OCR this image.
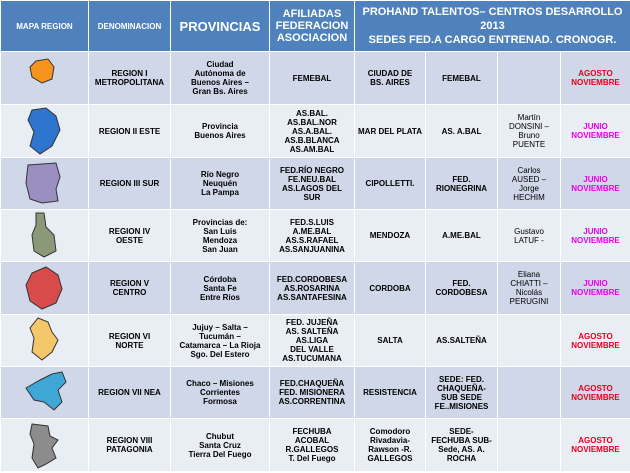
MAPA REGION	DENOMINACION	PROVINCIAS	AFILIADAS
FEDERACION
ASOCIACION	PROHAND TALENTOS– CENTROS DESARROLLO 2013
SEDES FED.A CARGO ENTRENAD. CRONOGR.			

	REGION I
METROPOLITANA	Ciudad
Autónoma de
Buenos Aires –
Gran Bs. Aires	FEMEBAL	CIUDAD DE
BS. AIRES	FEMEBAL		AGOSTO
NOVIEMBRE

	REGION II ESTE	Provincia
Buenos Aires	AS.BAL.
AS.BAL.NOR
AS.A.BAL.
AS.B.BLANCA
AS.AM.BAL	MAR DEL PLATA	AS. A.BAL	Martín
DONSINI –
Bruno
PUENTE	JUNIO
NOVIEMBRE

	REGION III SUR	Río Negro
Neuquén
La Pampa	FED.RÍO NEGRO
FE.NEU.BAL
AS.LAGOS DEL
SUR	CIPOLLETTI.	FED.
RIONEGRINA	Carlos
AUSED –
Jorge
HECHIM	JUNIO
NOVIEMBRE

	REGION IV
OESTE	Provincias de:
San Luis
Mendoza
San Juan	FED.S.LUIS
A.ME.BAL
AS.S.RAFAEL
AS.SANJUANINA	MENDOZA	A.ME.BAL	Gustavo
LATUF -	JUNIO
NOVIEMBRE

	REGION V
CENTRO	Córdoba
Santa Fe
Entre Ríos	FED.CORDOBESA
AS.ROSARINA
AS.SANTAFESINA	CORDOBA	FED.
CORDOBESA	Eliana
CHIATTI –
Nicolás
PERUGINI	JUNIO
NOVIEMBRE

	REGION VI
NORTE	Jujuy – Salta –
Tucumán –
Catamarca – La Rioja
Sgo. Del Estero	FED. JUJEÑA
AS. SALTEÑA
AS.LIGA
DEL VALLE
AS.TUCUMANA	SALTA	AS.SALTEÑA		AGOSTO
NOVIEMBRE

	REGION VII NEA	Chaco – Misiones
Corrientes
Formosa	FED.CHAQUEÑA
FED. MISIONERA
AS.CORRENTINA	RESISTENCIA	SEDE: FED.
CHAQUEÑA-
SUB SEDE
FE..MISIONES		AGOSTO
NOVIEMBRE

	REGION VIII
PATAGONIA	Chubut
Santa Cruz
Tierra Del Fuego	FECHUBA
ACOBAL
R.GALLEGOS
T. Del Fuego	Comodoro
Rivadavia-
Rawson -R.
GALLEGOS	SEDE-
FECHUBA SUB-
Sede, AS. A.
ROCHA		AGOSTO
NOVIEMBRE
